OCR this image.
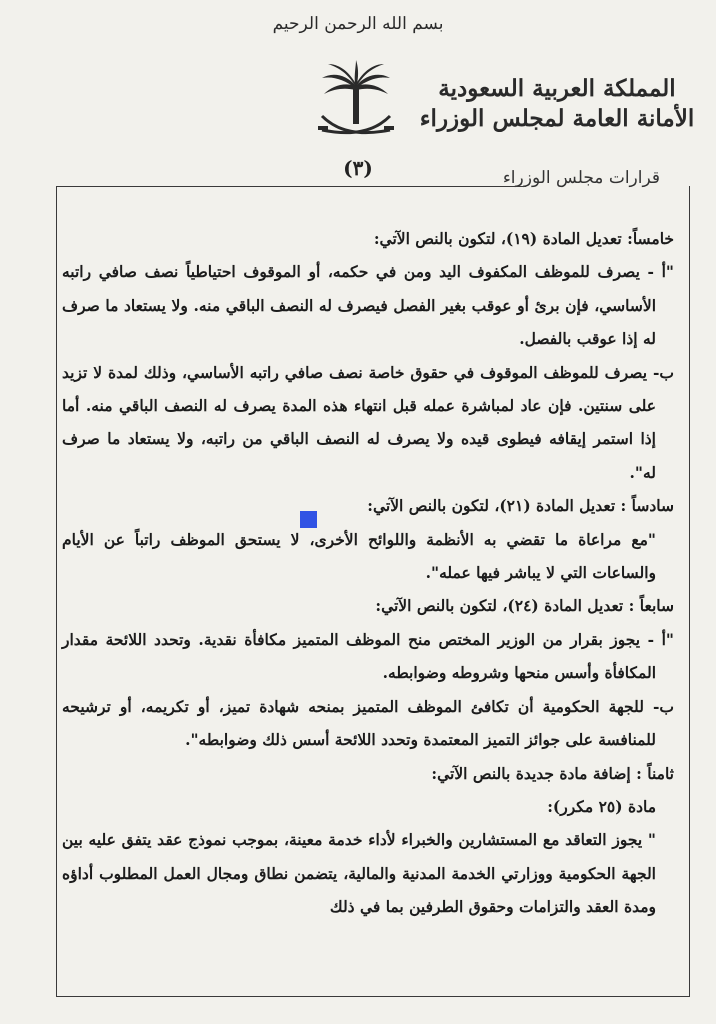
بسم الله الرحمن الرحيم
المملكة العربية السعودية
الأمانة العامة لمجلس الوزراء
(٣)	قرارات مجلس الوزراء

خامساً: تعديل المادة (١٩)، لتكون بالنص الآتي:

"أ - يصرف للموظف المكفوف اليد ومن في حكمه، أو الموقوف احتياطياً نصف صافي راتبه الأساسي، فإن برئ أو عوقب بغير الفصل فيصرف له النصف الباقي منه. ولا يستعاد ما صرف له إذا عوقب بالفصل.

ب- يصرف للموظف الموقوف في حقوق خاصة نصف صافي راتبه الأساسي، وذلك لمدة لا تزيد على سنتين. فإن عاد لمباشرة عمله قبل انتهاء هذه المدة يصرف له النصف الباقي منه. أما إذا استمر إيقافه فيطوى قيده ولا يصرف له النصف الباقي من راتبه، ولا يستعاد ما صرف له".

سادساً : تعديل المادة (٢١)، لتكون بالنص الآتي:

"مع مراعاة ما تقضي به الأنظمة واللوائح الأخرى، لا يستحق الموظف راتباً عن الأيام والساعات التي لا يباشر فيها عمله".

سابعاً : تعديل المادة (٢٤)، لتكون بالنص الآتي:

"أ - يجوز بقرار من الوزير المختص منح الموظف المتميز مكافأة نقدية. وتحدد اللائحة مقدار المكافأة وأسس منحها وشروطه وضوابطه.

ب- للجهة الحكومية أن تكافئ الموظف المتميز بمنحه شهادة تميز، أو تكريمه، أو ترشيحه للمنافسة على جوائز التميز المعتمدة وتحدد اللائحة أسس ذلك وضوابطه".

ثامناً : إضافة مادة جديدة بالنص الآتي:

مادة (٢٥ مكرر):

" يجوز التعاقد مع المستشارين والخبراء لأداء خدمة معينة، بموجب نموذج عقد يتفق عليه بين الجهة الحكومية ووزارتي الخدمة المدنية والمالية، يتضمن نطاق ومجال العمل المطلوب أداؤه ومدة العقد والتزامات وحقوق الطرفين بما في ذلك
